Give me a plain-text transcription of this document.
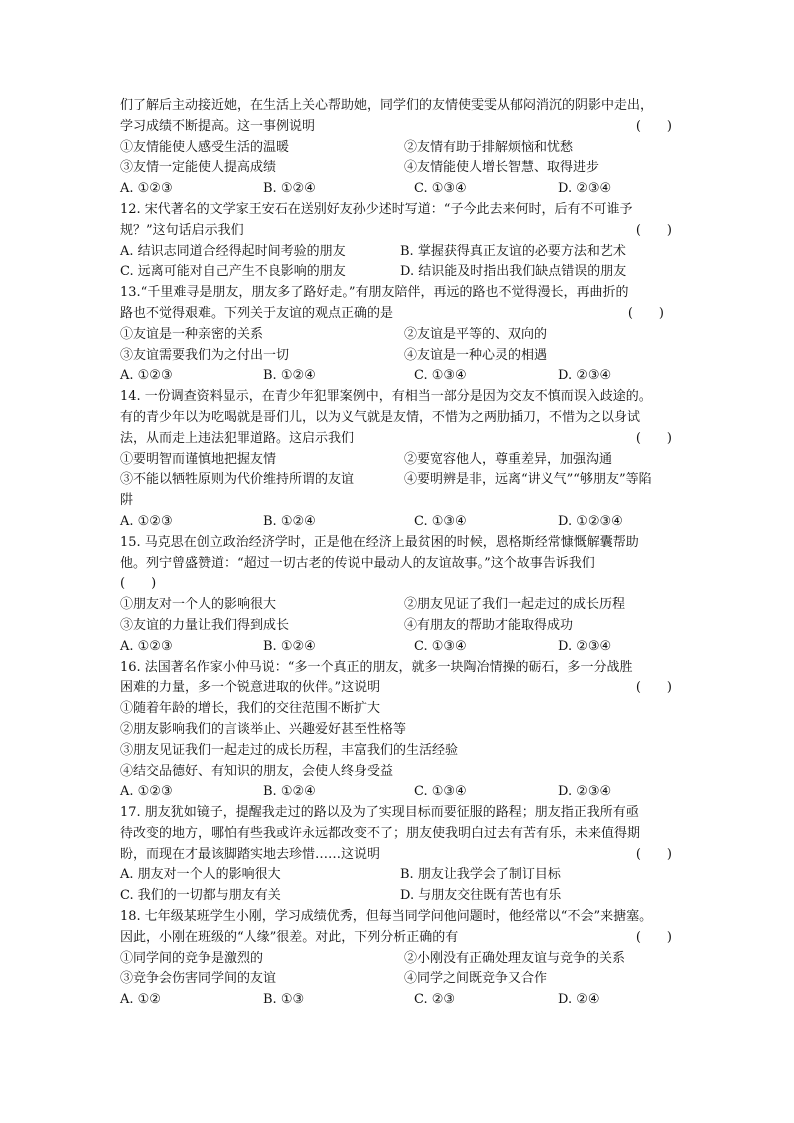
们了解后主动接近她，在生活上关心帮助她，同学们的友情使雯雯从郁闷消沉的阴影中走出，
学习成绩不断提高。这一事例说明	(　　)
①友情能使人感受生活的温暖	②友情有助于排解烦恼和忧愁
③友情一定能使人提高成绩	④友情能使人增长智慧、取得进步
A. ①②③	B. ①②④	C. ①③④	D. ②③④
12. 宋代著名的文学家王安石在送别好友孙少述时写道：“子今此去来何时，后有不可谁予
规？”这句话启示我们	(　　)
A. 结识志同道合经得起时间考验的朋友	B. 掌握获得真正友谊的必要方法和艺术
C. 远离可能对自己产生不良影响的朋友	D. 结识能及时指出我们缺点错误的朋友
13.“千里难寻是朋友，朋友多了路好走。”有朋友陪伴，再远的路也不觉得漫长，再曲折的
路也不觉得艰难。下列关于友谊的观点正确的是	(　　)
①友谊是一种亲密的关系	②友谊是平等的、双向的
③友谊需要我们为之付出一切	④友谊是一种心灵的相遇
A. ①②③	B. ①②④	C. ①③④	D. ②③④
14. 一份调查资料显示，在青少年犯罪案例中，有相当一部分是因为交友不慎而误入歧途的。
有的青少年以为吃喝就是哥们儿，以为义气就是友情，不惜为之两肋插刀，不惜为之以身试
法，从而走上违法犯罪道路。这启示我们	(　　)
①要明智而谨慎地把握友情	②要宽容他人，尊重差异，加强沟通
③不能以牺牲原则为代价维持所谓的友谊	④要明辨是非，远离“讲义气”“够朋友”等陷
阱
A. ①②③	B. ①②④	C. ①③④	D. ①②③④
15. 马克思在创立政治经济学时，正是他在经济上最贫困的时候，恩格斯经常慷慨解囊帮助
他。列宁曾盛赞道：“超过一切古老的传说中最动人的友谊故事。”这个故事告诉我们
(　　)
①朋友对一个人的影响很大	②朋友见证了我们一起走过的成长历程
③友谊的力量让我们得到成长	④有朋友的帮助才能取得成功
A. ①②③	B. ①②④	C. ①③④	D. ②③④
16. 法国著名作家小仲马说：“多一个真正的朋友，就多一块陶冶情操的砺石，多一分战胜
困难的力量，多一个锐意进取的伙伴。”这说明	(　　)
①随着年龄的增长，我们的交往范围不断扩大
②朋友影响我们的言谈举止、兴趣爱好甚至性格等
③朋友见证我们一起走过的成长历程，丰富我们的生活经验
④结交品德好、有知识的朋友，会使人终身受益
A. ①②③	B. ①②④	C. ①③④	D. ②③④
17. 朋友犹如镜子，提醒我走过的路以及为了实现目标而要征服的路程；朋友指正我所有亟
待改变的地方，哪怕有些我或许永远都改变不了；朋友使我明白过去有苦有乐，未来值得期
盼，而现在才最该脚踏实地去珍惜……这说明	(　　)
A. 朋友对一个人的影响很大	B. 朋友让我学会了制订目标
C. 我们的一切都与朋友有关	D. 与朋友交往既有苦也有乐
18. 七年级某班学生小刚，学习成绩优秀，但每当同学问他问题时，他经常以“不会”来搪塞。
因此，小刚在班级的“人缘”很差。对此，下列分析正确的有	(　　)
①同学间的竞争是激烈的	②小刚没有正确处理友谊与竞争的关系
③竞争会伤害同学间的友谊	④同学之间既竞争又合作
A. ①②	B. ①③	C. ②③	D. ②④
